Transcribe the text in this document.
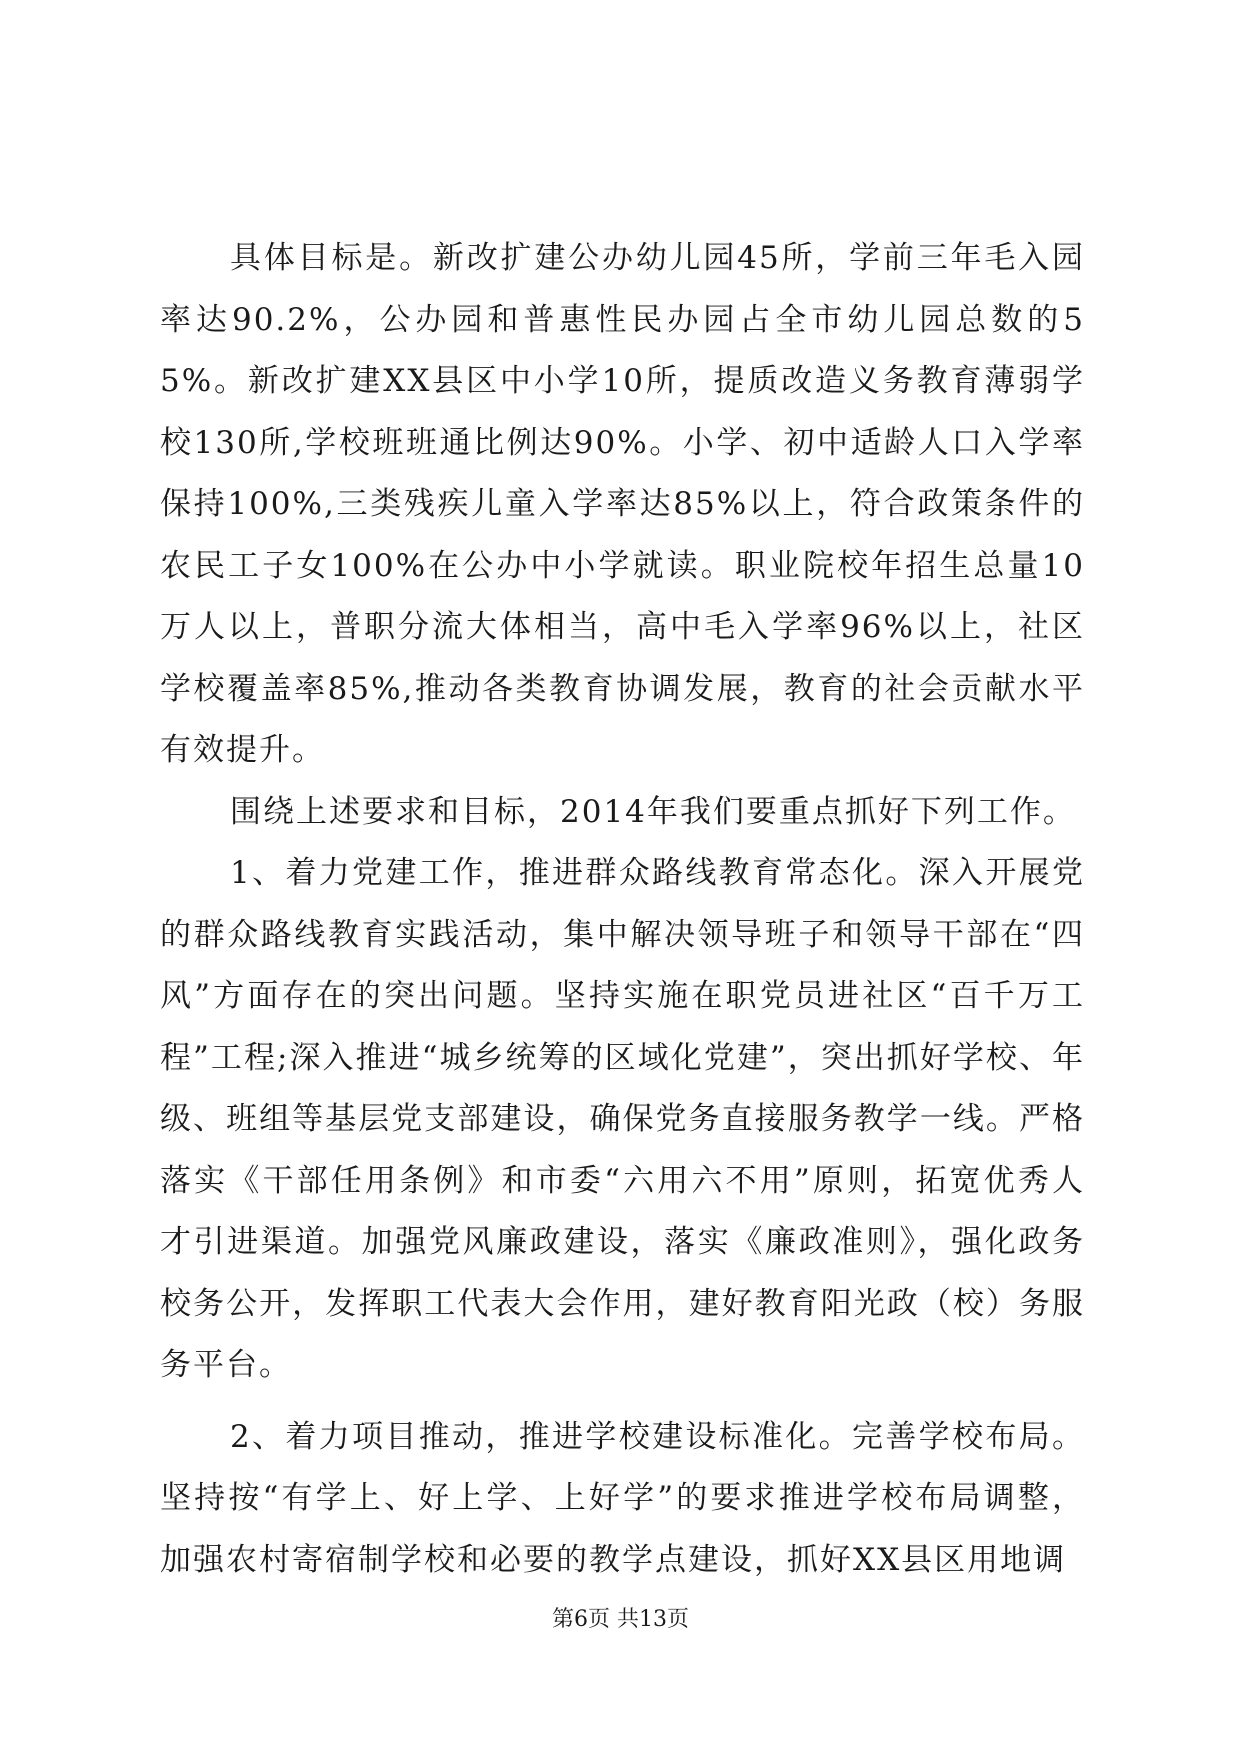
具体目标是。新改扩建公办幼儿园45所，学前三年毛入园率达90.2%，公办园和普惠性民办园占全市幼儿园总数的55%。新改扩建XX县区中小学10所，提质改造义务教育薄弱学校130所,学校班班通比例达90%。小学、初中适龄人口入学率保持100%,三类残疾儿童入学率达85%以上，符合政策条件的农民工子女100%在公办中小学就读。职业院校年招生总量10万人以上，普职分流大体相当，高中毛入学率96%以上，社区学校覆盖率85%,推动各类教育协调发展，教育的社会贡献水平有效提升。

围绕上述要求和目标，2014年我们要重点抓好下列工作。

1、着力党建工作，推进群众路线教育常态化。深入开展党的群众路线教育实践活动，集中解决领导班子和领导干部在“四风”方面存在的突出问题。坚持实施在职党员进社区“百千万工程”工程;深入推进“城乡统筹的区域化党建”，突出抓好学校、年级、班组等基层党支部建设，确保党务直接服务教学一线。严格落实《干部任用条例》和市委“六用六不用”原则，拓宽优秀人才引进渠道。加强党风廉政建设，落实《廉政准则》，强化政务校务公开，发挥职工代表大会作用，建好教育阳光政（校）务服务平台。

2、着力项目推动，推进学校建设标准化。完善学校布局。坚持按“有学上、好上学、上好学”的要求推进学校布局调整，加强农村寄宿制学校和必要的教学点建设，抓好XX县区用地调

第6页 共13页
